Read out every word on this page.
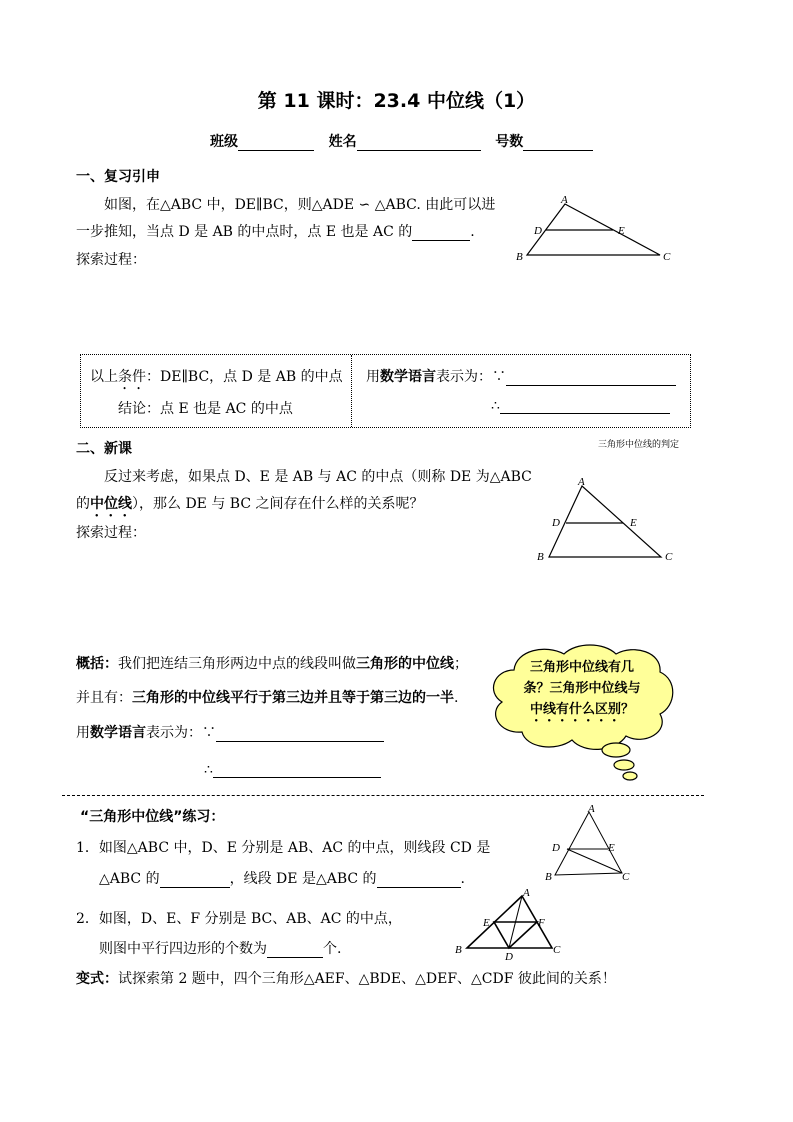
第 11 课时：23.4 中位线（1）
班级	姓名	号数
一、复习引申
如图，在△ABC 中，DE∥BC，则△ADE ∽ △ABC. 由此可以进
一步推知，当点 D 是 AB 的中点时，点 E 也是 AC 的	.
探索过程：
A
D	E
B	C
以上条件：DE∥BC，点 D 是 AB 的中点
结论：点 E 也是 AC 的中点
用数学语言表示为：∵
∴
二、新课	三角形中位线的判定
反过来考虑，如果点 D、E 是 AB 与 AC 的中点（则称 DE 为△ABC
的中位线），那么 DE 与 BC 之间存在什么样的关系呢？
探索过程：
A
D	E
B	C
概括：我们把连结三角形两边中点的线段叫做三角形的中位线；
并且有：三角形的中位线平行于第三边并且等于第三边的一半.
用数学语言表示为：∵
∴
三角形中位线有几
条？三角形中位线与
中线有什么区别？
“三角形中位线”练习：
1．如图△ABC 中，D、E 分别是 AB、AC 的中点，则线段 CD 是
△ABC 的	，线段 DE 是△ABC 的	.
2．如图，D、E、F 分别是 BC、AB、AC 的中点，
则图中平行四边形的个数为	个.
变式：试探索第 2 题中，四个三角形△AEF、△BDE、△DEF、△CDF 彼此间的关系！
A
D	E
B	C
A
E	F
B
D
C
